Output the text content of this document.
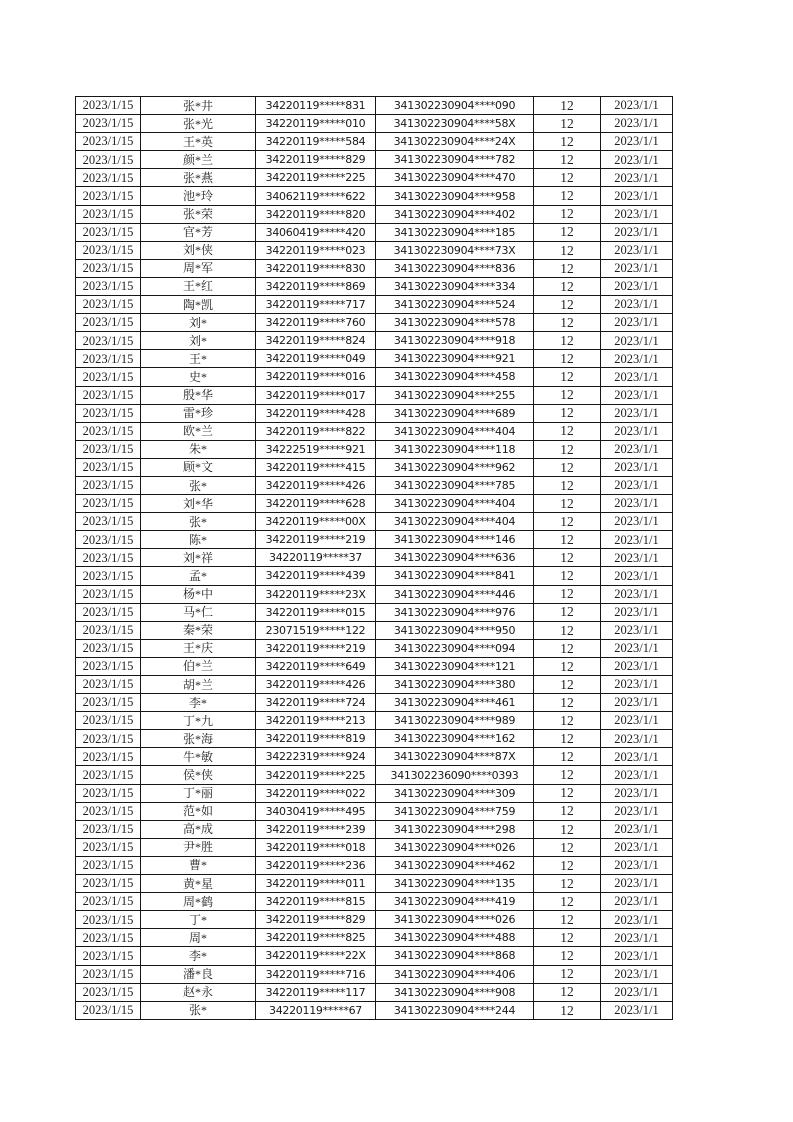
2023/1/15	张*井	34220119*****831	341302230904****090	12	2023/1/1
2023/1/15	张*光	34220119*****010	341302230904****58X	12	2023/1/1
2023/1/15	王*英	34220119*****584	341302230904****24X	12	2023/1/1
2023/1/15	颜*兰	34220119*****829	341302230904****782	12	2023/1/1
2023/1/15	张*燕	34220119*****225	341302230904****470	12	2023/1/1
2023/1/15	池*玲	34062119*****622	341302230904****958	12	2023/1/1
2023/1/15	张*荣	34220119*****820	341302230904****402	12	2023/1/1
2023/1/15	官*芳	34060419*****420	341302230904****185	12	2023/1/1
2023/1/15	刘*侠	34220119*****023	341302230904****73X	12	2023/1/1
2023/1/15	周*军	34220119*****830	341302230904****836	12	2023/1/1
2023/1/15	王*红	34220119*****869	341302230904****334	12	2023/1/1
2023/1/15	陶*凯	34220119*****717	341302230904****524	12	2023/1/1
2023/1/15	刘*	34220119*****760	341302230904****578	12	2023/1/1
2023/1/15	刘*	34220119*****824	341302230904****918	12	2023/1/1
2023/1/15	王*	34220119*****049	341302230904****921	12	2023/1/1
2023/1/15	史*	34220119*****016	341302230904****458	12	2023/1/1
2023/1/15	殷*华	34220119*****017	341302230904****255	12	2023/1/1
2023/1/15	雷*珍	34220119*****428	341302230904****689	12	2023/1/1
2023/1/15	欧*兰	34220119*****822	341302230904****404	12	2023/1/1
2023/1/15	朱*	34222519*****921	341302230904****118	12	2023/1/1
2023/1/15	顾*文	34220119*****415	341302230904****962	12	2023/1/1
2023/1/15	张*	34220119*****426	341302230904****785	12	2023/1/1
2023/1/15	刘*华	34220119*****628	341302230904****404	12	2023/1/1
2023/1/15	张*	34220119*****00X	341302230904****404	12	2023/1/1
2023/1/15	陈*	34220119*****219	341302230904****146	12	2023/1/1
2023/1/15	刘*祥	34220119*****37	341302230904****636	12	2023/1/1
2023/1/15	孟*	34220119*****439	341302230904****841	12	2023/1/1
2023/1/15	杨*中	34220119*****23X	341302230904****446	12	2023/1/1
2023/1/15	马*仁	34220119*****015	341302230904****976	12	2023/1/1
2023/1/15	秦*荣	23071519*****122	341302230904****950	12	2023/1/1
2023/1/15	王*庆	34220119*****219	341302230904****094	12	2023/1/1
2023/1/15	伯*兰	34220119*****649	341302230904****121	12	2023/1/1
2023/1/15	胡*兰	34220119*****426	341302230904****380	12	2023/1/1
2023/1/15	李*	34220119*****724	341302230904****461	12	2023/1/1
2023/1/15	丁*九	34220119*****213	341302230904****989	12	2023/1/1
2023/1/15	张*海	34220119*****819	341302230904****162	12	2023/1/1
2023/1/15	牛*敏	34222319*****924	341302230904****87X	12	2023/1/1
2023/1/15	侯*侠	34220119*****225	341302236090****0393	12	2023/1/1
2023/1/15	丁*丽	34220119*****022	341302230904****309	12	2023/1/1
2023/1/15	范*如	34030419*****495	341302230904****759	12	2023/1/1
2023/1/15	高*成	34220119*****239	341302230904****298	12	2023/1/1
2023/1/15	尹*胜	34220119*****018	341302230904****026	12	2023/1/1
2023/1/15	曹*	34220119*****236	341302230904****462	12	2023/1/1
2023/1/15	黄*星	34220119*****011	341302230904****135	12	2023/1/1
2023/1/15	周*鹤	34220119*****815	341302230904****419	12	2023/1/1
2023/1/15	丁*	34220119*****829	341302230904****026	12	2023/1/1
2023/1/15	周*	34220119*****825	341302230904****488	12	2023/1/1
2023/1/15	李*	34220119*****22X	341302230904****868	12	2023/1/1
2023/1/15	潘*良	34220119*****716	341302230904****406	12	2023/1/1
2023/1/15	赵*永	34220119*****117	341302230904****908	12	2023/1/1
2023/1/15	张*	34220119*****67	341302230904****244	12	2023/1/1
